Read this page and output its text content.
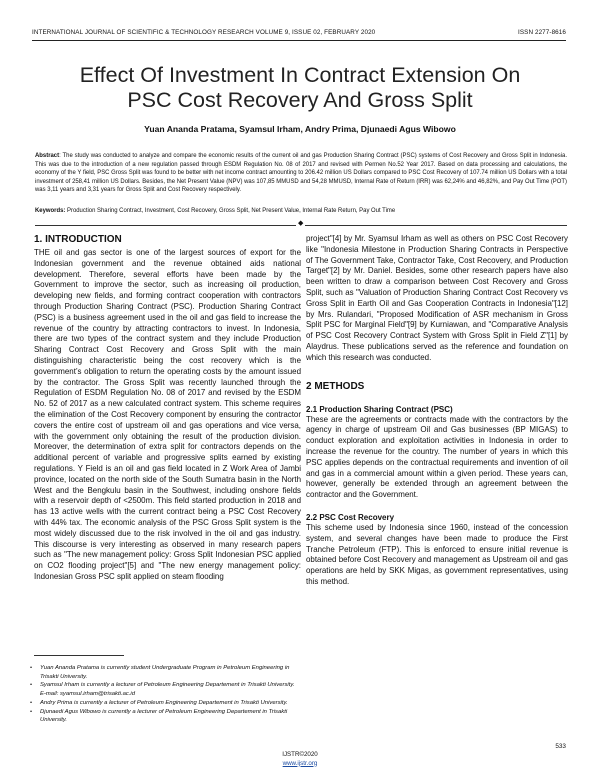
INTERNATIONAL JOURNAL OF SCIENTIFIC & TECHNOLOGY RESEARCH VOLUME 9, ISSUE 02, FEBRUARY 2020	ISSN 2277-8616
Effect Of Investment In Contract Extension On
PSC Cost Recovery And Gross Split
Yuan Ananda Pratama, Syamsul Irham, Andry Prima, Djunaedi Agus Wibowo
Abstract: The study was conducted to analyze and compare the economic results of the current oil and gas Production Sharing Contract (PSC) systems of Cost Recovery and Gross Split in Indonesia. This was due to the introduction of a new regulation passed through ESDM Regulation No. 08 of 2017 and revised with Permen No.52 Year 2017. Based on data processing and calculations, the economy of the Y field, PSC Gross Split was found to be better with net income contract amounting to 206.42 million US Dollars compared to PSC Cost Recovery of 107.74 million US Dollars with a total investment of 258,41 million US Dollars. Besides, the Net Present Value (NPV) was 107,85 MMUSD and 54,28 MMUSD, Internal Rate of Return (IRR) was 62,24% and 46,82%, and Pay Out Time (POT) was 3,11 years and 3,31 years for Gross Split and Cost Recovery respectively.
Keywords: Production Sharing Contract, Investment, Cost Recovery, Gross Split, Net Present Value, Internal Rate Return, Pay Out Time
◆
1. INTRODUCTION

THE oil and gas sector is one of the largest sources of export for the Indonesian government and the revenue obtained aids national development. Therefore, several efforts have been made by the Government to improve the sector, such as increasing oil production, developing new fields, and forming contract cooperation with contractors through Production Sharing Contract (PSC). Production Sharing Contract (PSC) is a business agreement used in the oil and gas field to increase the revenue of the country by attracting contractors to invest. In Indonesia, there are two types of the contract system and they include Production Sharing Contract Cost Recovery and Gross Split with the main distinguishing characteristic being the cost recovery which is the government’s obligation to return the operating costs by the amount issued by the contractor. The Gross Split was recently launched through the Regulation of ESDM Regulation No. 08 of 2017 and revised by the ESDM No. 52 of 2017 as a new calculated contract system. This scheme requires the elimination of the Cost Recovery component by ensuring the contractor covers the entire cost of upstream oil and gas operations and vice versa, with the government only obtaining the result of the production division. Moreover, the determination of extra split for contractors depends on the additional percent of variable and progressive splits earned by existing regulations. Y Field is an oil and gas field located in Z Work Area of Jambi province, located on the north side of the South Sumatra basin in the North West and the Bengkulu basin in the Southwest, including onshore fields with a reservoir depth of <2500m. This field started production in 2018 and has 13 active wells with the current contract being a PSC Cost Recovery with 44% tax. The economic analysis of the PSC Gross Split system is the most widely discussed due to the risk involved in the oil and gas industry. This discourse is very interesting as observed in many research papers such as "The new management policy: Gross Split Indonesian PSC applied on CO2 flooding project"[5] and "The new energy management policy: Indonesian Gross PSC split applied on steam flooding

project"[4] by Mr. Syamsul Irham as well as others on PSC Cost Recovery like "Indonesia Milestone in Production Sharing Contracts in Perspective of The Government Take, Contractor Take, Cost Recovery, and Production Target"[2] by Mr. Daniel. Besides, some other research papers have also been written to draw a comparison between Cost Recovery and Gross Split, such as "Valuation of Production Sharing Contract Cost Recovery vs Gross Split in Earth Oil and Gas Cooperation Contracts in Indonesia"[12] by Mrs. Rulandari, "Proposed Modification of ASR mechanism in Gross Split PSC for Marginal Field"[9] by Kurniawan, and "Comparative Analysis of PSC Cost Recovery Contract System with Gross Split in Field Z"[1] by Alaydrus. These publications served as the reference and foundation on which this research was conducted.

2 METHODS
2.1 Production Sharing Contract (PSC)

These are the agreements or contracts made with the contractors by the agency in charge of upstream Oil and Gas businesses (BP MIGAS) to conduct exploration and exploitation activities in Indonesia in order to increase the revenue for the country. The number of years in which this PSC applies depends on the contractual requirements and invention of oil and gas in a commercial amount within a given period. These years can, however, generally be extended through an agreement between the contractor and the Government.

2.2 PSC Cost Recovery

This scheme used by Indonesia since 1960, instead of the concession system, and several changes have been made to produce the First Tranche Petroleum (FTP). This is enforced to ensure initial revenue is obtained before Cost Recovery and management as Upstream oil and gas operations are held by SKK Migas, as government representatives, using this method.

•	Yuan Ananda Pratama is currently student Undergraduate Program in Petroleum Engineering in Trisakti University.
•	Syamsul Irham is currently a lecturer of Petroleum Engineering Departement in Trisakti University. E-mail: syamsul.irham@trisakti.ac.id
•	Andry Prima is currently a lecturer of Petroleum Engineering Departement in Trisakti University.
•	Djunaedi Agus Wibowo is currently a lecturer of Petroleum Engineering Departement in Trisakti University.
533
IJSTR©2020
www.ijstr.org
